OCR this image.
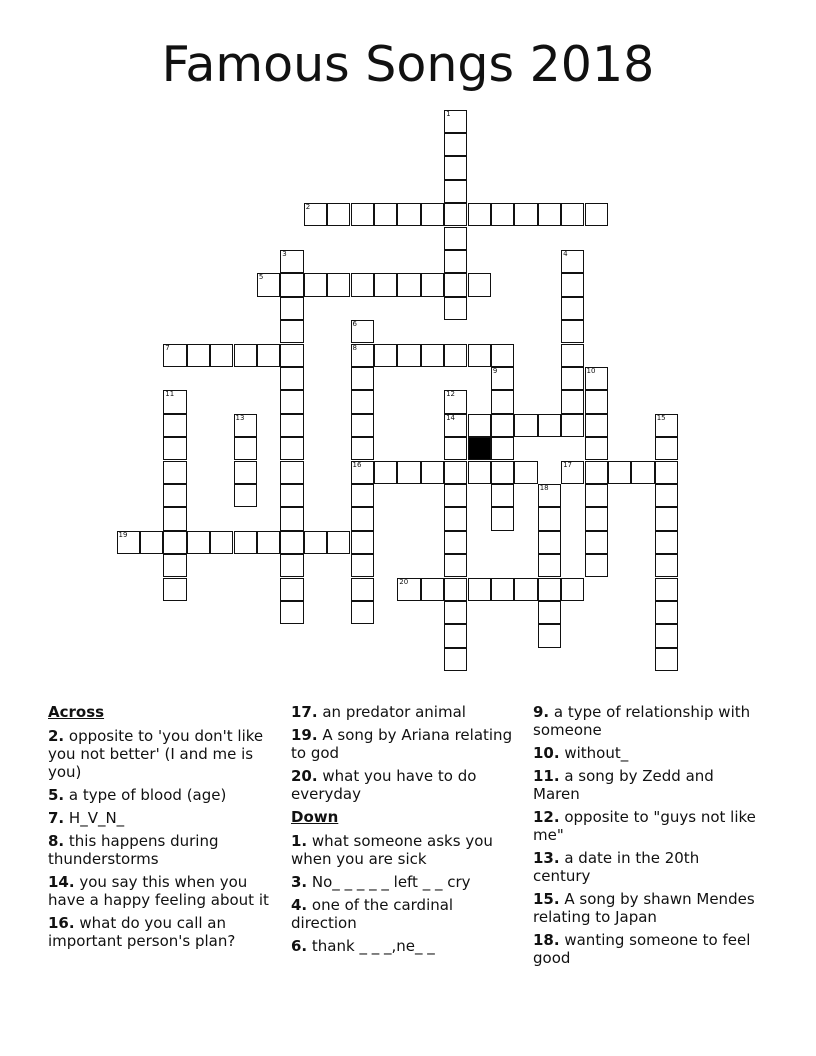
Famous Songs 2018
1
2
3	4
5
6
8
16
7
9	10
11	12
14
13	15
17
18
19
20
Across
2. opposite to 'you don't like you not better' (I and me is you)
5. a type of blood (age)
7. H_V_N_
8. this happens during thunderstorms
14. you say this when you have a happy feeling about it
16. what do you call an important person's plan?
17. an predator animal
19. A song by Ariana relating to god
20. what you have to do everyday
Down
1. what someone asks you when you are sick
3. No_ _ _ _ _ left _ _ cry
4. one of the cardinal direction
6. thank _ _ _,ne_ _
9. a type of relationship with someone
10. without_
11. a song by Zedd and Maren
12. opposite to "guys not like me"
13. a date in the 20th century
15. A song by shawn Mendes relating to Japan
18. wanting someone to feel good
